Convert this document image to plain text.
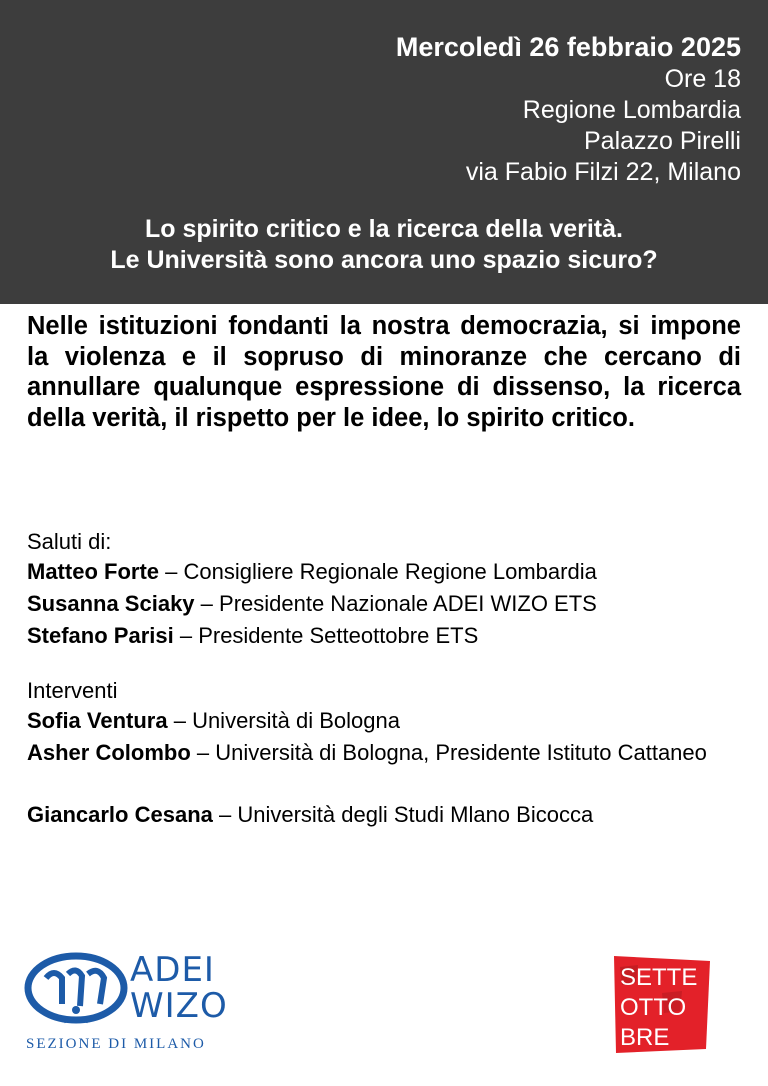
Mercoledì 26 febbraio 2025
Ore 18
Regione Lombardia
Palazzo Pirelli
via Fabio Filzi 22, Milano
Lo spirito critico e la ricerca della verità.
Le Università sono ancora uno spazio sicuro?
Nelle istituzioni fondanti la nostra democrazia, si impone la violenza e il sopruso di minoranze che cercano di annullare qualunque espressione di dissenso, la ricerca della verità, il rispetto per le idee, lo spirito critico.
Saluti di:
Matteo Forte – Consigliere Regionale Regione Lombardia
Susanna Sciaky – Presidente Nazionale ADEI WIZO ETS
Stefano Parisi – Presidente Setteottobre ETS
Interventi
Sofia Ventura – Università di Bologna
Asher Colombo – Università di Bologna, Presidente Istituto Cattaneo
Giancarlo Cesana – Università degli Studi Mlano Bicocca
ADEI
WIZO
SEZIONE DI MILANO
SETTE
OTTO
BRE
